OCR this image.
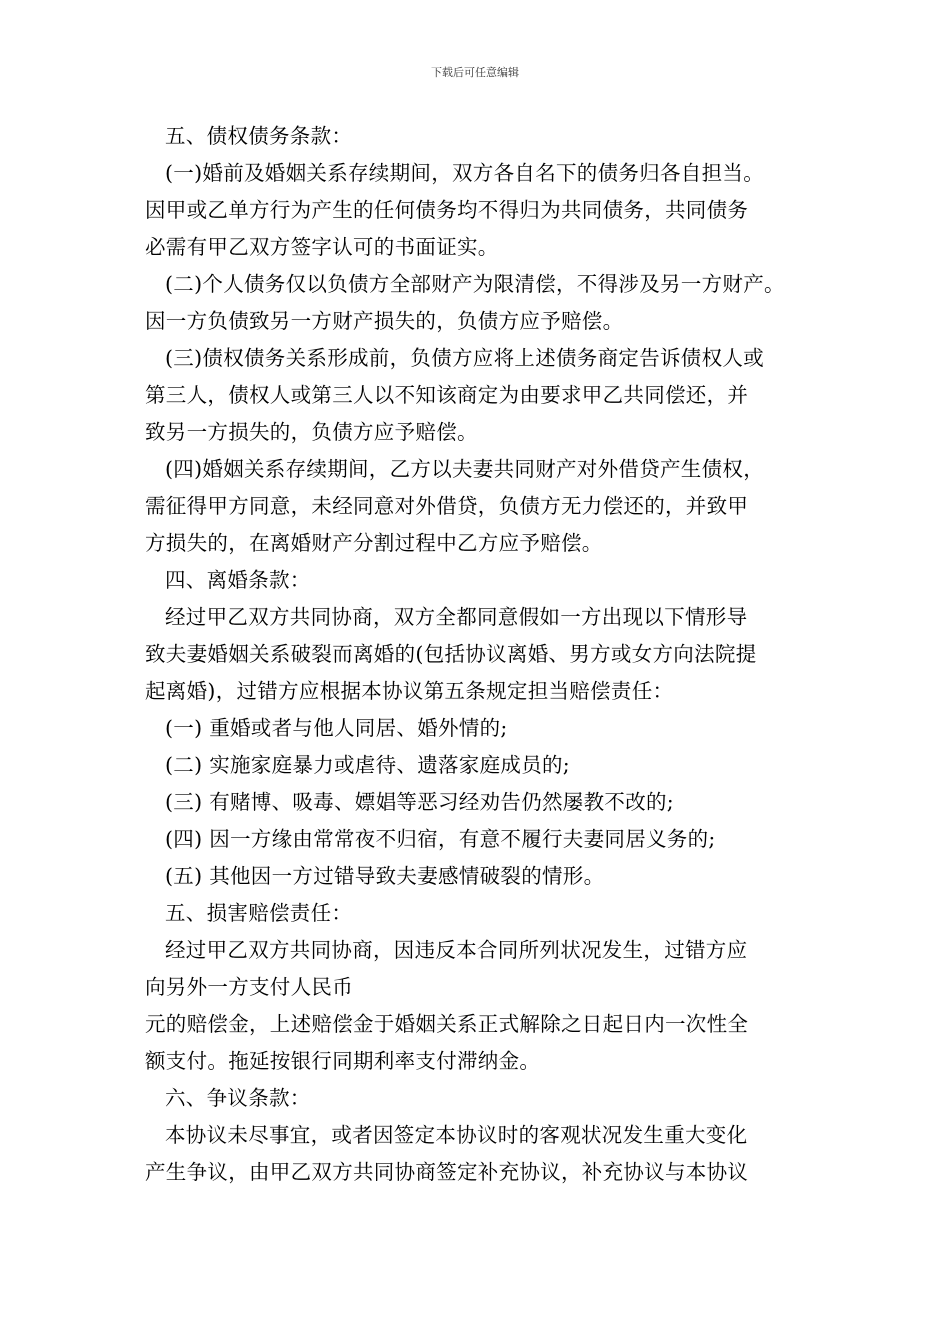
下载后可任意编辑
五、债权债务条款：
(一)婚前及婚姻关系存续期间，双方各自名下的债务归各自担当。
因甲或乙单方行为产生的任何债务均不得归为共同债务，共同债务
必需有甲乙双方签字认可的书面证实。
(二)个人债务仅以负债方全部财产为限清偿，不得涉及另一方财产。
因一方负债致另一方财产损失的，负债方应予赔偿。
(三)债权债务关系形成前，负债方应将上述债务商定告诉债权人或
第三人，债权人或第三人以不知该商定为由要求甲乙共同偿还，并
致另一方损失的，负债方应予赔偿。
(四)婚姻关系存续期间，乙方以夫妻共同财产对外借贷产生债权，
需征得甲方同意，未经同意对外借贷，负债方无力偿还的，并致甲
方损失的，在离婚财产分割过程中乙方应予赔偿。
四、离婚条款：
经过甲乙双方共同协商，双方全都同意假如一方出现以下情形导
致夫妻婚姻关系破裂而离婚的(包括协议离婚、男方或女方向法院提
起离婚)，过错方应根据本协议第五条规定担当赔偿责任：
(一) 重婚或者与他人同居、婚外情的;
(二) 实施家庭暴力或虐待、遗落家庭成员的;
(三) 有赌博、吸毒、嫖娼等恶习经劝告仍然屡教不改的;
(四) 因一方缘由常常夜不归宿，有意不履行夫妻同居义务的;
(五) 其他因一方过错导致夫妻感情破裂的情形。
五、损害赔偿责任：
经过甲乙双方共同协商，因违反本合同所列状况发生，过错方应
向另外一方支付人民币
元的赔偿金，上述赔偿金于婚姻关系正式解除之日起日内一次性全
额支付。拖延按银行同期利率支付滞纳金。
六、争议条款：
本协议未尽事宜，或者因签定本协议时的客观状况发生重大变化
产生争议，由甲乙双方共同协商签定补充协议，补充协议与本协议
